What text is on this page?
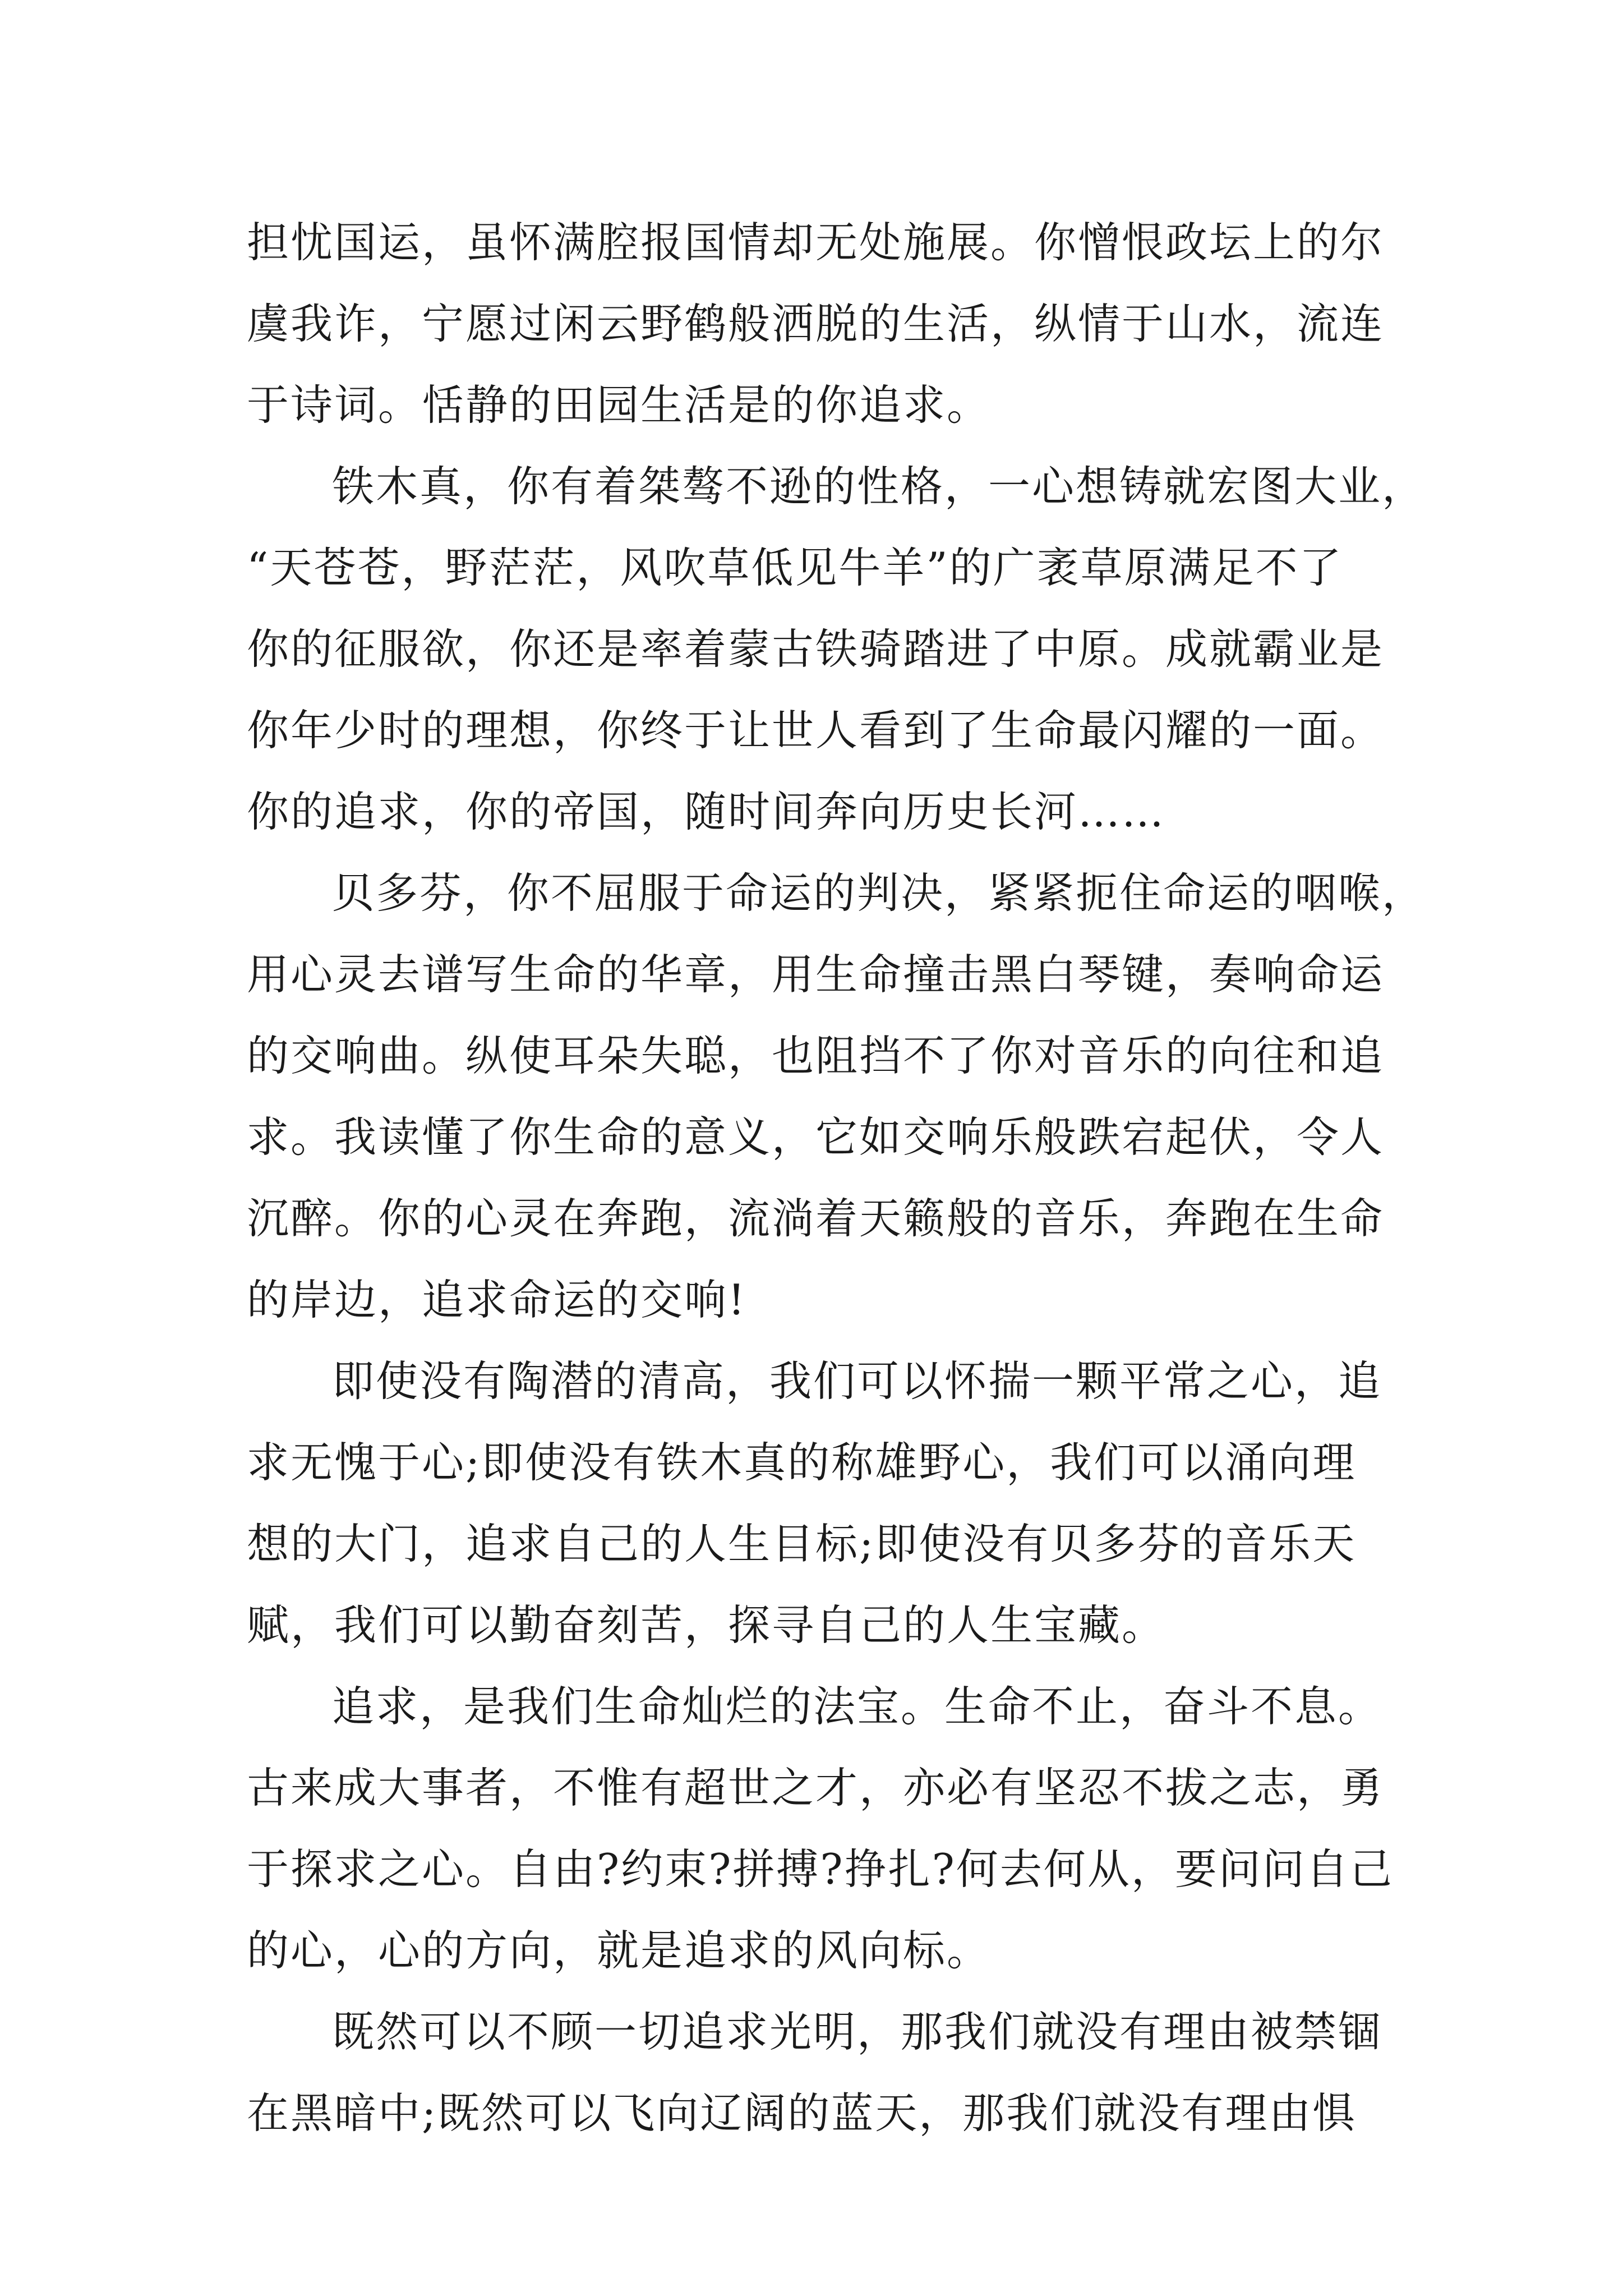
担忧国运，虽怀满腔报国情却无处施展。你憎恨政坛上的尔
虞我诈，宁愿过闲云野鹤般洒脱的生活，纵情于山水，流连
于诗词。恬静的田园生活是的你追求。
铁木真，你有着桀骜不逊的性格，一心想铸就宏图大业，
“天苍苍，野茫茫，风吹草低见牛羊”的广袤草原满足不了
你的征服欲，你还是率着蒙古铁骑踏进了中原。成就霸业是
你年少时的理想，你终于让世人看到了生命最闪耀的一面。
你的追求，你的帝国，随时间奔向历史长河……
贝多芬，你不屈服于命运的判决，紧紧扼住命运的咽喉，
用心灵去谱写生命的华章，用生命撞击黑白琴键，奏响命运
的交响曲。纵使耳朵失聪，也阻挡不了你对音乐的向往和追
求。我读懂了你生命的意义，它如交响乐般跌宕起伏，令人
沉醉。你的心灵在奔跑，流淌着天籁般的音乐，奔跑在生命
的岸边，追求命运的交响!
即使没有陶潜的清高，我们可以怀揣一颗平常之心，追
求无愧于心;即使没有铁木真的称雄野心，我们可以涌向理
想的大门，追求自己的人生目标;即使没有贝多芬的音乐天
赋，我们可以勤奋刻苦，探寻自己的人生宝藏。
追求，是我们生命灿烂的法宝。生命不止，奋斗不息。
古来成大事者，不惟有超世之才，亦必有坚忍不拔之志，勇
于探求之心。自由?约束?拼搏?挣扎?何去何从，要问问自己
的心，心的方向，就是追求的风向标。
既然可以不顾一切追求光明，那我们就没有理由被禁锢
在黑暗中;既然可以飞向辽阔的蓝天，那我们就没有理由惧
